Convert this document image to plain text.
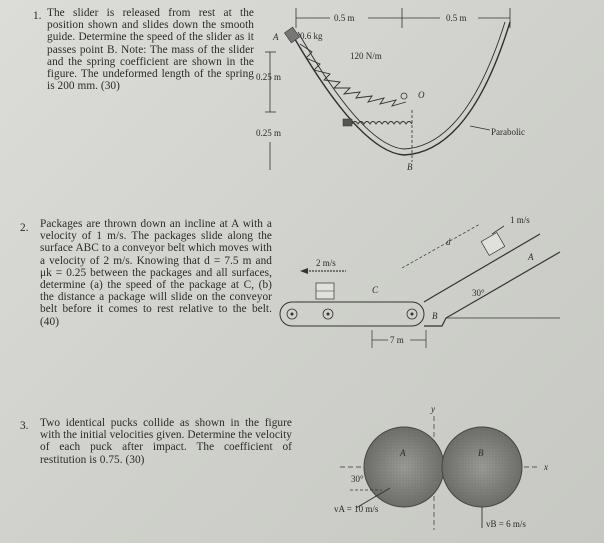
1. The slider is released from rest at the position shown and slides down the smooth guide. Determine the speed of the slider as it passes point B. Note: The mass of the slider and the spring coefficient are shown in the figure. The undeformed length of the spring is 200 mm. (30)
2. Packages are thrown down an incline at A with a velocity of 1 m/s. The packages slide along the surface ABC to a conveyor belt which moves with a velocity of 2 m/s. Knowing that d = 7.5 m and μk = 0.25 between the packages and all surfaces, determine (a) the speed of the package at C, (b) the distance a package will slide on the conveyor belt before it comes to rest relative to the belt. (40)
3. Two identical pucks collide as shown in the figure with the initial velocities given. Determine the velocity of each puck after impact. The coefficient of restitution is 0.75. (30)
0.5 m	0.5 m
A 0.6 kg
120 N/m
O
B
0.25 m
0.25 m	Parabolic
2 m/s
C
B
30°
d
A
1 m/s
7 m
y
x
A	B
30°
vA = 10 m/s
vB = 6 m/s
